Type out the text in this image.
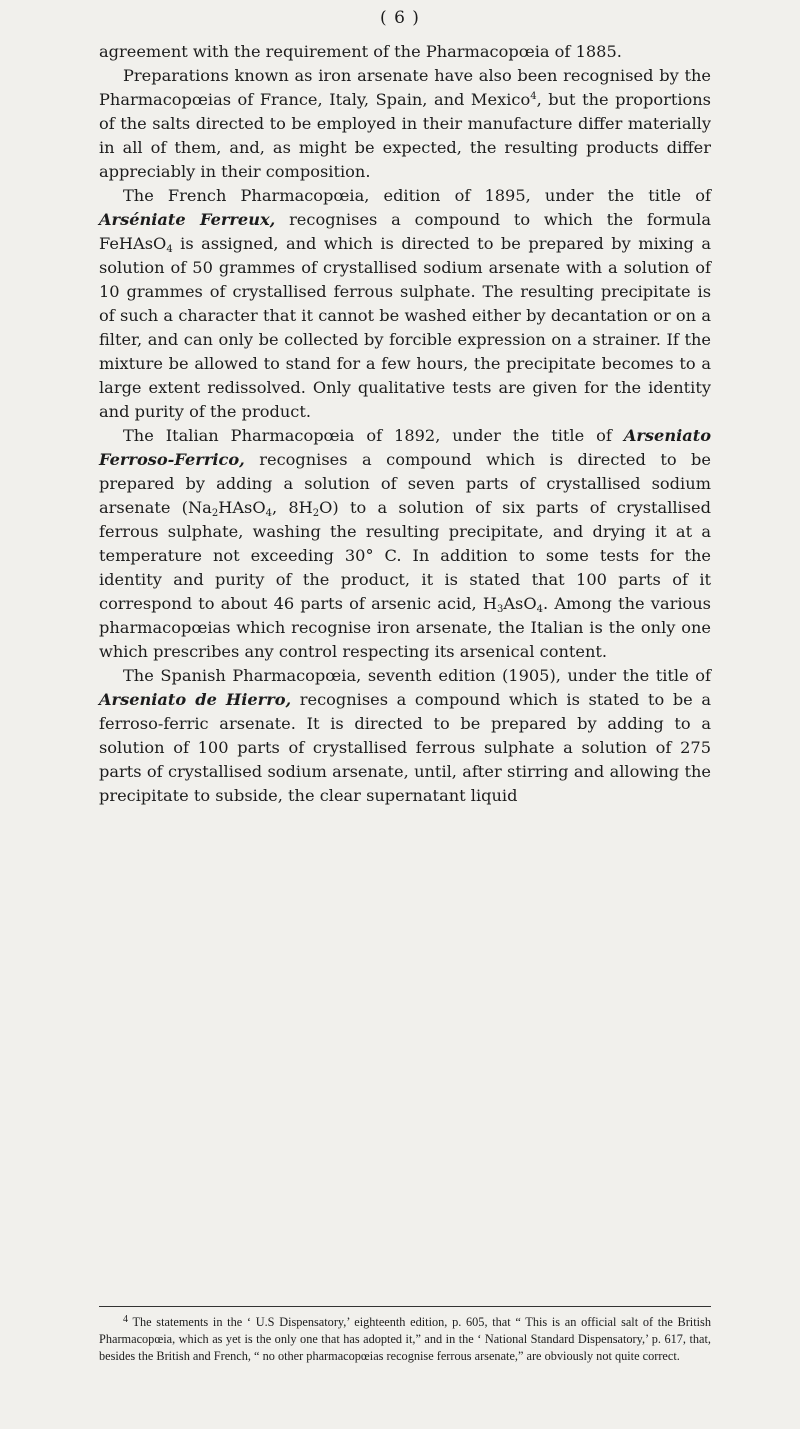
( 6 )

agreement with the requirement of the Pharmacopœia of 1885.

Preparations known as iron arsenate have also been recognised by the Pharmacopœias of France, Italy, Spain, and Mexico$^4$, but the proportions of the salts directed to be employed in their manufacture differ materially in all of them, and, as might be expected, the resulting products differ appreciably in their composition.

The French Pharmacopœia, edition of 1895, under the title of Arséniate Ferreux, recognises a compound to which the formula FeHAsO$_4$ is assigned, and which is directed to be prepared by mixing a solution of 50 grammes of crystallised sodium arsenate with a solution of 10 grammes of crystallised ferrous sulphate. The resulting precipitate is of such a character that it cannot be washed either by decantation or on a filter, and can only be collected by forcible expression on a strainer. If the mixture be allowed to stand for a few hours, the precipitate becomes to a large extent redissolved. Only qualitative tests are given for the identity and purity of the product.

The Italian Pharmacopœia of 1892, under the title of Arseniato Ferroso-Ferrico, recognises a compound which is directed to be prepared by adding a solution of seven parts of crystallised sodium arsenate ($Na_2HAsO_4$, $8H_2O$) to a solution of six parts of crystallised ferrous sulphate, washing the resulting precipitate, and drying it at a temperature not exceeding 30° C. In addition to some tests for the identity and purity of the product, it is stated that 100 parts of it correspond to about 46 parts of arsenic acid, $H_3AsO_4$. Among the various pharmacopœias which recognise iron arsenate, the Italian is the only one which prescribes any control respecting its arsenical content.

The Spanish Pharmacopœia, seventh edition (1905), under the title of Arseniato de Hierro, recognises a compound which is stated to be a ferroso-ferric arsenate. It is directed to be prepared by adding to a solution of 100 parts of crystallised ferrous sulphate a solution of 275 parts of crystallised sodium arsenate, until, after stirring and allowing the precipitate to subside, the clear supernatant liquid

$^4$ The statements in the ‘ U.S Dispensatory,’ eighteenth edition, p. 605, that “ This is an official salt of the British Pharmacopœia, which as yet is the only one that has adopted it,” and in the ‘ National Standard Dispensatory,’ p. 617, that, besides the British and French, “ no other pharmacopœias recognise ferrous arsenate,” are obviously not quite correct.
